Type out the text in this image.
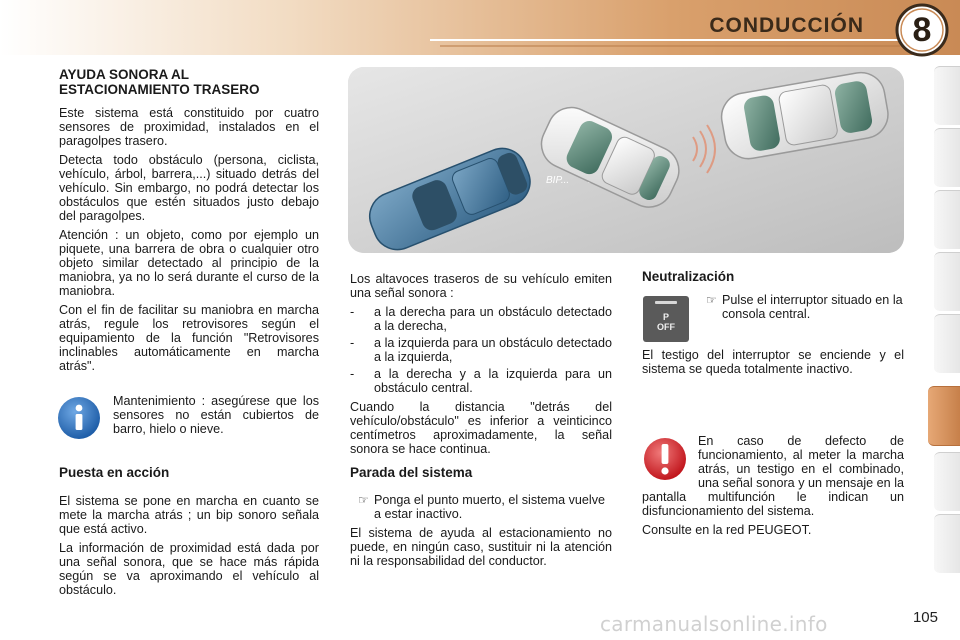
CONDUCCIÓN	8
AYUDA SONORA AL
ESTACIONAMIENTO TRASERO

Este sistema está constituido por cuatro sensores de proximidad, instalados en el paragolpes trasero.

Detecta todo obstáculo (persona, ciclista, vehículo, árbol, barrera,...) situado detrás del vehículo. Sin embargo, no podrá detectar los obstáculos que estén situados justo debajo del paragolpes.

Atención : un objeto, como por ejemplo un piquete, una barrera de obra o cualquier otro objeto similar detectado al principio de la maniobra, ya no lo será durante el curso de la maniobra.

Con el fin de facilitar su maniobra en marcha atrás, regule los retrovisores según el equipamiento de la función "Retrovisores inclinables automáticamente en marcha atrás".

Mantenimiento : asegúrese que los sensores no están cubiertos de barro, hielo o nieve.

Puesta en acción

El sistema se pone en marcha en cuanto se mete la marcha atrás ; un bip sonoro señala que está activo.

La información de proximidad está dada por una señal sonora, que se hace más rápida según se va aproximando el vehículo al obstáculo.

BIP...

Los altavoces traseros de su vehículo emiten una señal sonora :

- a la derecha para un obstáculo detectado a la derecha,
- a la izquierda para un obstáculo detectado a la izquierda,
- a la derecha y a la izquierda para un obstáculo central.

Cuando la distancia "detrás del vehículo/obstáculo" es inferior a veinticinco centímetros aproximadamente, la señal sonora se hace continua.

Parada del sistema
☞ Ponga el punto muerto, el sistema vuelve a estar inactivo.

El sistema de ayuda al estacionamiento no puede, en ningún caso, sustituir ni la atención ni la responsabilidad del conductor.

Neutralización
P
OFF
☞ Pulse el interruptor situado en la consola central.

El testigo del interruptor se enciende y el sistema se queda totalmente inactivo.

En caso de defecto de funcionamiento, al meter la marcha atrás, un testigo en el combinado, una señal sonora y un mensaje en la pantalla multifunción le indican un disfuncionamiento del sistema.

Consulte en la red PEUGEOT.

105
carmanualsonline.info
